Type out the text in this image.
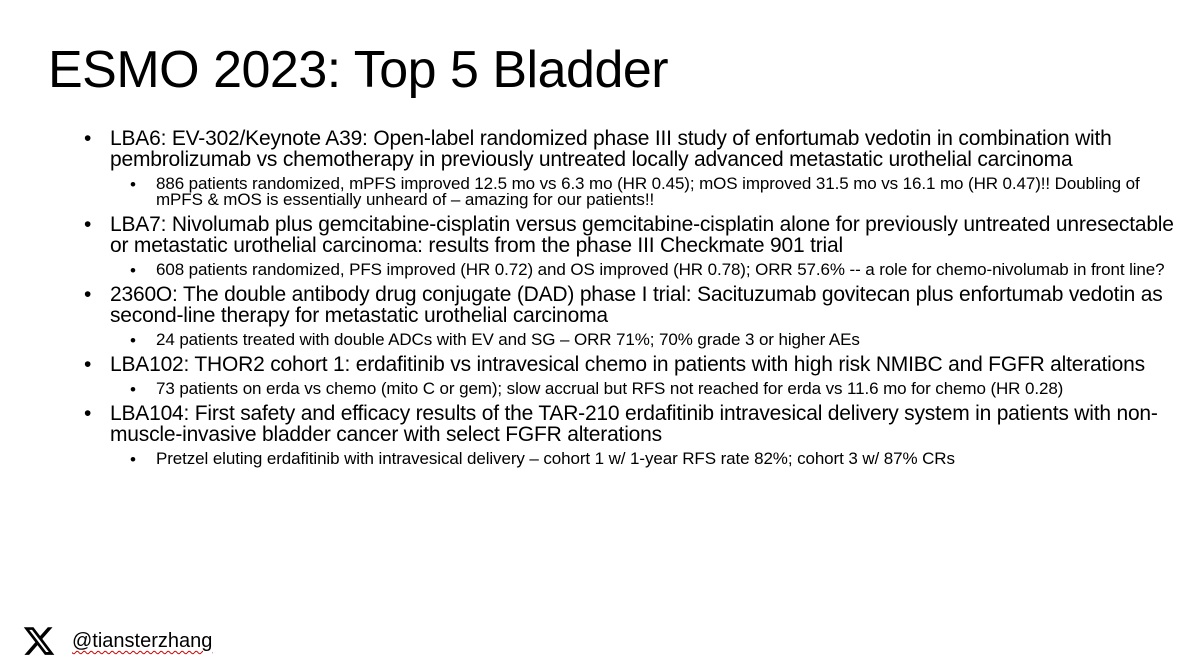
ESMO 2023: Top 5 Bladder
• LBA6: EV-302/Keynote A39: Open-label randomized phase III study of enfortumab vedotin in combination with pembrolizumab vs chemotherapy in previously untreated locally advanced metastatic urothelial carcinoma
• 886 patients randomized, mPFS improved 12.5 mo vs 6.3 mo (HR 0.45); mOS improved 31.5 mo vs 16.1 mo (HR 0.47)!! Doubling of mPFS & mOS is essentially unheard of – amazing for our patients!!
• LBA7: Nivolumab plus gemcitabine-cisplatin versus gemcitabine-cisplatin alone for previously untreated unresectable or metastatic urothelial carcinoma: results from the phase III Checkmate 901 trial
• 608 patients randomized, PFS improved (HR 0.72) and OS improved (HR 0.78); ORR 57.6% -- a role for chemo-nivolumab in front line?
• 2360O: The double antibody drug conjugate (DAD) phase I trial: Sacituzumab govitecan plus enfortumab vedotin as second-line therapy for metastatic urothelial carcinoma
• 24 patients treated with double ADCs with EV and SG – ORR 71%; 70% grade 3 or higher AEs
• LBA102: THOR2 cohort 1: erdafitinib vs intravesical chemo in patients with high risk NMIBC and FGFR alterations
• 73 patients on erda vs chemo (mito C or gem); slow accrual but RFS not reached for erda vs 11.6 mo for chemo (HR 0.28)
• LBA104: First safety and efficacy results of the TAR-210 erdafitinib intravesical delivery system in patients with non-muscle-invasive bladder cancer with select FGFR alterations
• Pretzel eluting erdafitinib with intravesical delivery – cohort 1 w/ 1-year RFS rate 82%; cohort 3 w/ 87% CRs
@tiansterzhang
